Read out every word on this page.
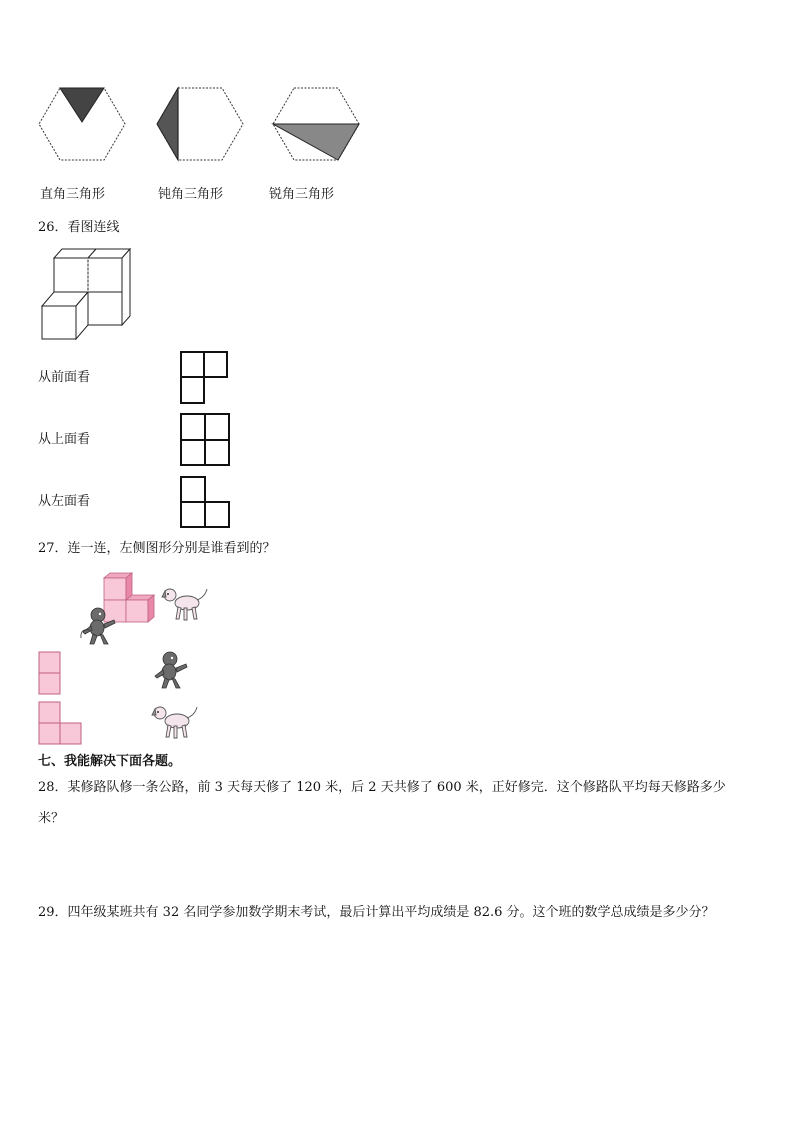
直角三角形	钝角三角形	锐角三角形
26．看图连线
从前面看
从上面看
从左面看
27．连一连，左侧图形分别是谁看到的？
七、我能解决下面各题。
28．某修路队修一条公路，前 3 天每天修了 120 米，后 2 天共修了 600 米，正好修完．这个修路队平均每天修路多少
米？
29．四年级某班共有 32 名同学参加数学期末考试，最后计算出平均成绩是 82.6 分。这个班的数学总成绩是多少分？
